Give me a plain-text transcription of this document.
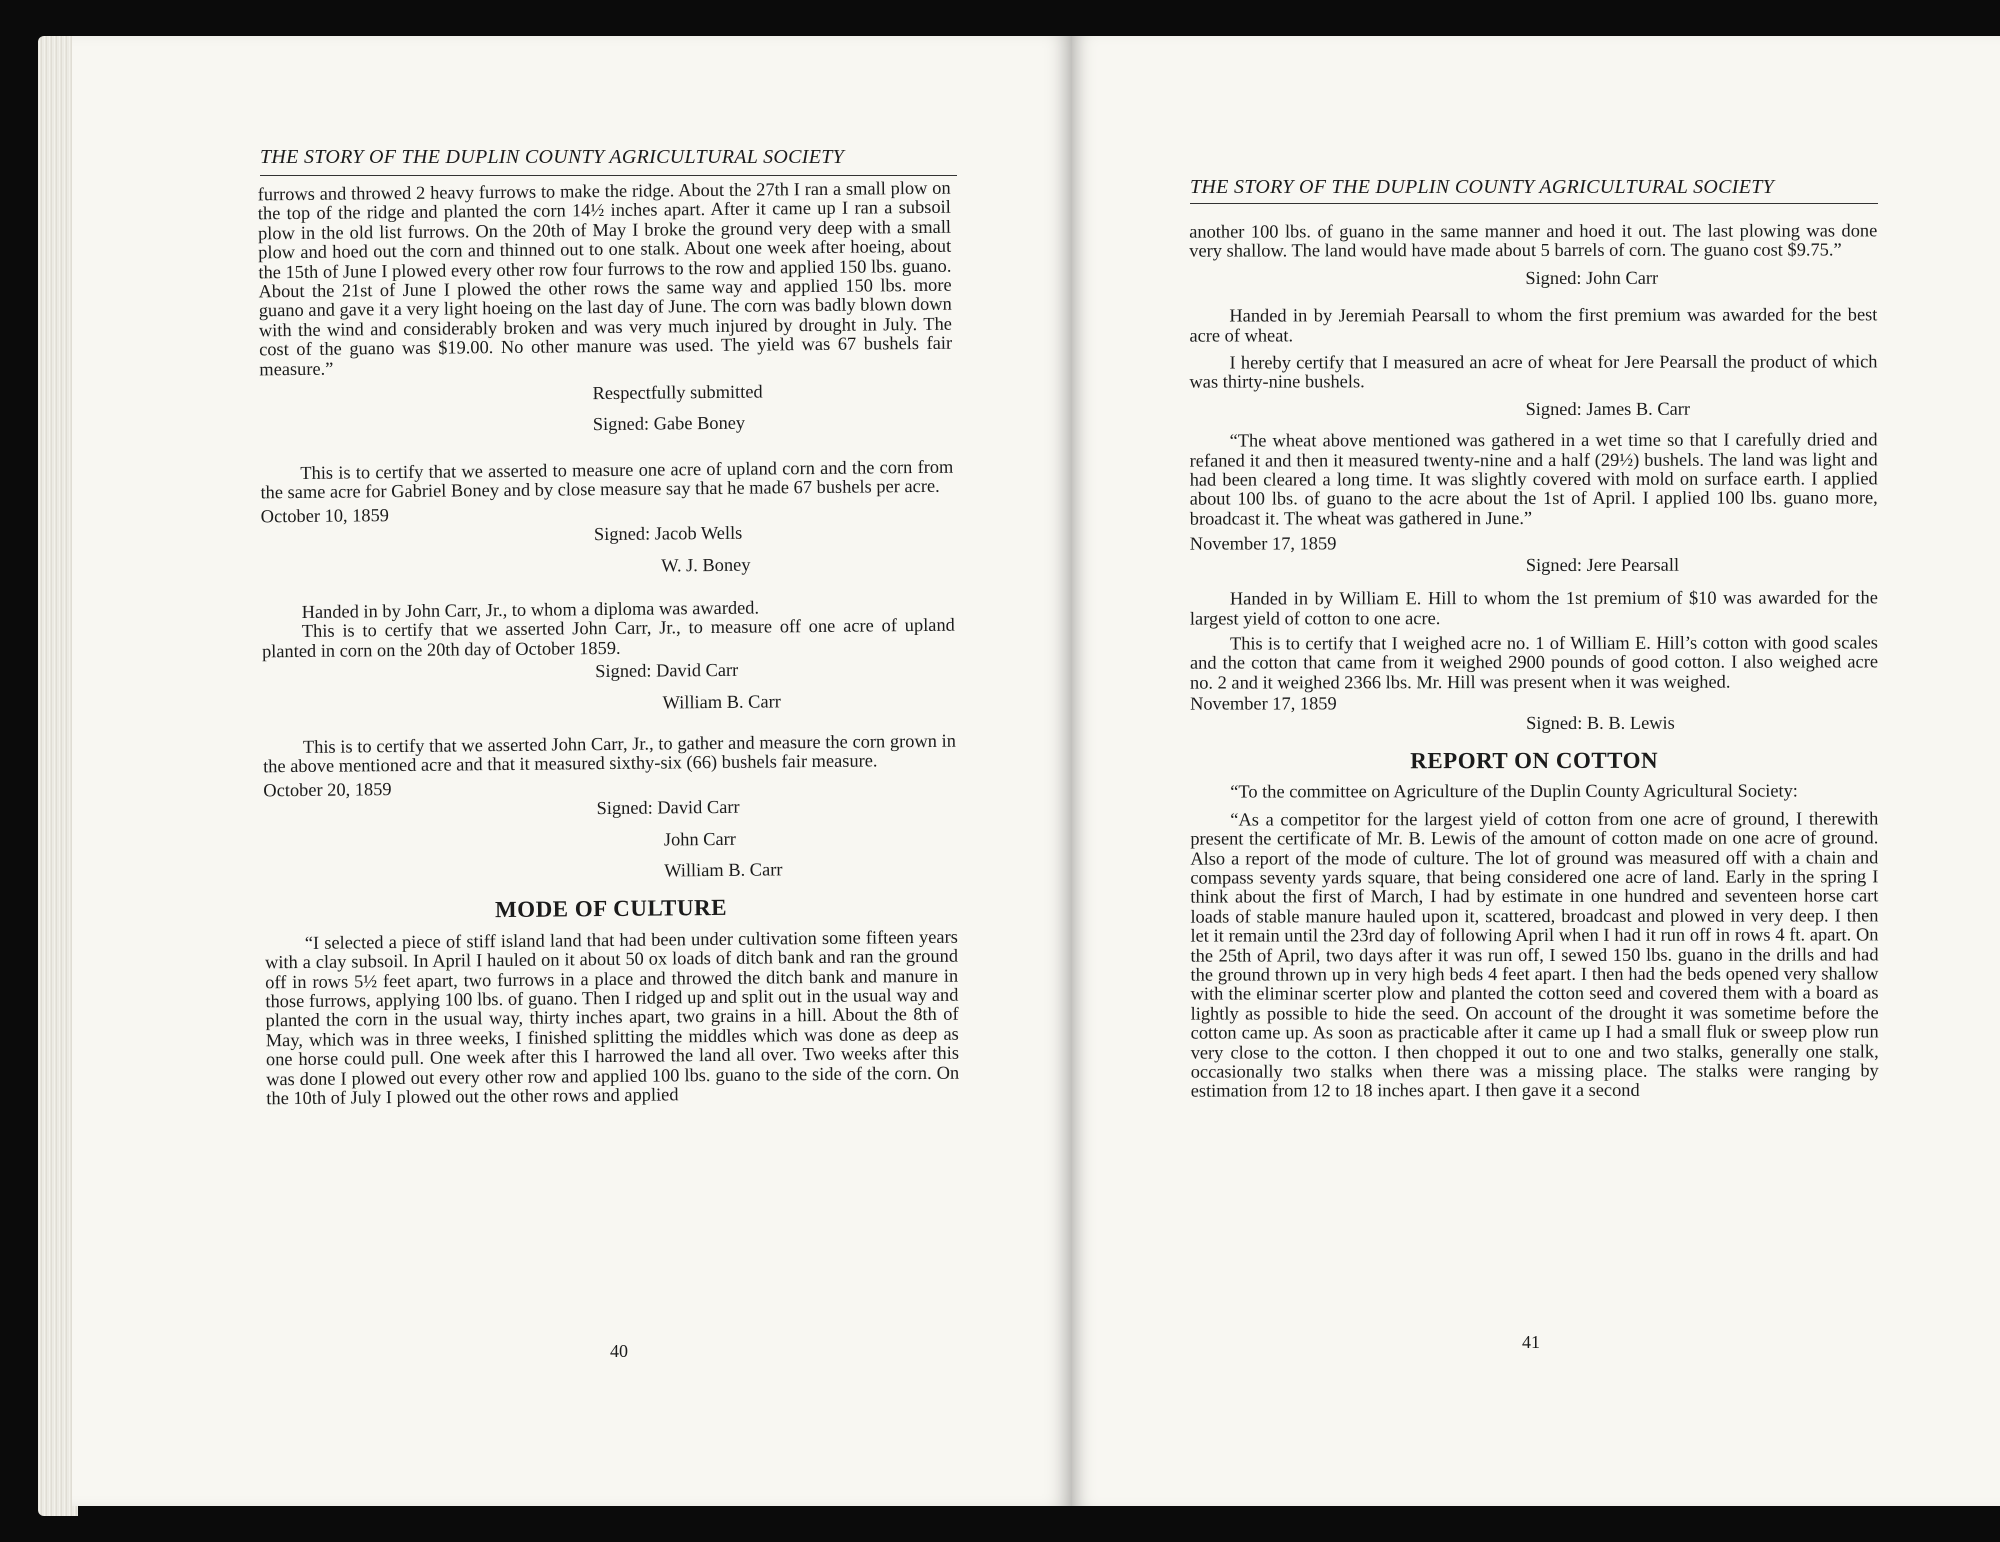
THE STORY OF THE DUPLIN COUNTY AGRICULTURAL SOCIETY

furrows and throwed 2 heavy furrows to make the ridge. About the 27th I ran a small plow on the top of the ridge and planted the corn 14½ inches apart. After it came up I ran a subsoil plow in the old list furrows. On the 20th of May I broke the ground very deep with a small plow and hoed out the corn and thinned out to one stalk. About one week after hoeing, about the 15th of June I plowed every other row four furrows to the row and applied 150 lbs. guano. About the 21st of June I plowed the other rows the same way and applied 150 lbs. more guano and gave it a very light hoeing on the last day of June. The corn was badly blown down with the wind and considerably broken and was very much injured by drought in July. The cost of the guano was $19.00. No other manure was used. The yield was 67 bushels fair measure.”

Respectfully submitted
Signed: Gabe Boney

This is to certify that we asserted to measure one acre of upland corn and the corn from the same acre for Gabriel Boney and by close measure say that he made 67 bushels per acre.

October 10, 1859
Signed: Jacob Wells
W. J. Boney

Handed in by John Carr, Jr., to whom a diploma was awarded.

This is to certify that we asserted John Carr, Jr., to measure off one acre of upland planted in corn on the 20th day of October 1859.

Signed: David Carr
William B. Carr

This is to certify that we asserted John Carr, Jr., to gather and measure the corn grown in the above mentioned acre and that it measured sixthy-six (66) bushels fair measure.

October 20, 1859
Signed: David Carr
John Carr
William B. Carr
MODE OF CULTURE

“I selected a piece of stiff island land that had been under cultivation some fifteen years with a clay subsoil. In April I hauled on it about 50 ox loads of ditch bank and ran the ground off in rows 5½ feet apart, two furrows in a place and throwed the ditch bank and manure in those furrows, applying 100 lbs. of guano. Then I ridged up and split out in the usual way and planted the corn in the usual way, thirty inches apart, two grains in a hill. About the 8th of May, which was in three weeks, I finished splitting the middles which was done as deep as one horse could pull. One week after this I harrowed the land all over. Two weeks after this was done I plowed out every other row and applied 100 lbs. guano to the side of the corn. On the 10th of July I plowed out the other rows and applied

40
THE STORY OF THE DUPLIN COUNTY AGRICULTURAL SOCIETY

another 100 lbs. of guano in the same manner and hoed it out. The last plowing was done very shallow. The land would have made about 5 barrels of corn. The guano cost $9.75.”

Signed: John Carr

Handed in by Jeremiah Pearsall to whom the first premium was awarded for the best acre of wheat.

I hereby certify that I measured an acre of wheat for Jere Pearsall the product of which was thirty-nine bushels.

Signed: James B. Carr

“The wheat above mentioned was gathered in a wet time so that I carefully dried and refaned it and then it measured twenty-nine and a half (29½) bushels. The land was light and had been cleared a long time. It was slightly covered with mold on surface earth. I applied about 100 lbs. of guano to the acre about the 1st of April. I applied 100 lbs. guano more, broadcast it. The wheat was gathered in June.”

November 17, 1859
Signed: Jere Pearsall

Handed in by William E. Hill to whom the 1st premium of $10 was awarded for the largest yield of cotton to one acre.

This is to certify that I weighed acre no. 1 of William E. Hill’s cotton with good scales and the cotton that came from it weighed 2900 pounds of good cotton. I also weighed acre no. 2 and it weighed 2366 lbs. Mr. Hill was present when it was weighed.

November 17, 1859
Signed: B. B. Lewis
REPORT ON COTTON

“To the committee on Agriculture of the Duplin County Agricultural Society:

“As a competitor for the largest yield of cotton from one acre of ground, I therewith present the certificate of Mr. B. Lewis of the amount of cotton made on one acre of ground. Also a report of the mode of culture. The lot of ground was measured off with a chain and compass seventy yards square, that being considered one acre of land. Early in the spring I think about the first of March, I had by estimate in one hundred and seventeen horse cart loads of stable manure hauled upon it, scattered, broadcast and plowed in very deep. I then let it remain until the 23rd day of following April when I had it run off in rows 4 ft. apart. On the 25th of April, two days after it was run off, I sewed 150 lbs. guano in the drills and had the ground thrown up in very high beds 4 feet apart. I then had the beds opened very shallow with the eliminar scerter plow and planted the cotton seed and covered them with a board as lightly as possible to hide the seed. On account of the drought it was sometime before the cotton came up. As soon as practicable after it came up I had a small fluk or sweep plow run very close to the cotton. I then chopped it out to one and two stalks, generally one stalk, occasionally two stalks when there was a missing place. The stalks were ranging by estimation from 12 to 18 inches apart. I then gave it a second

41
